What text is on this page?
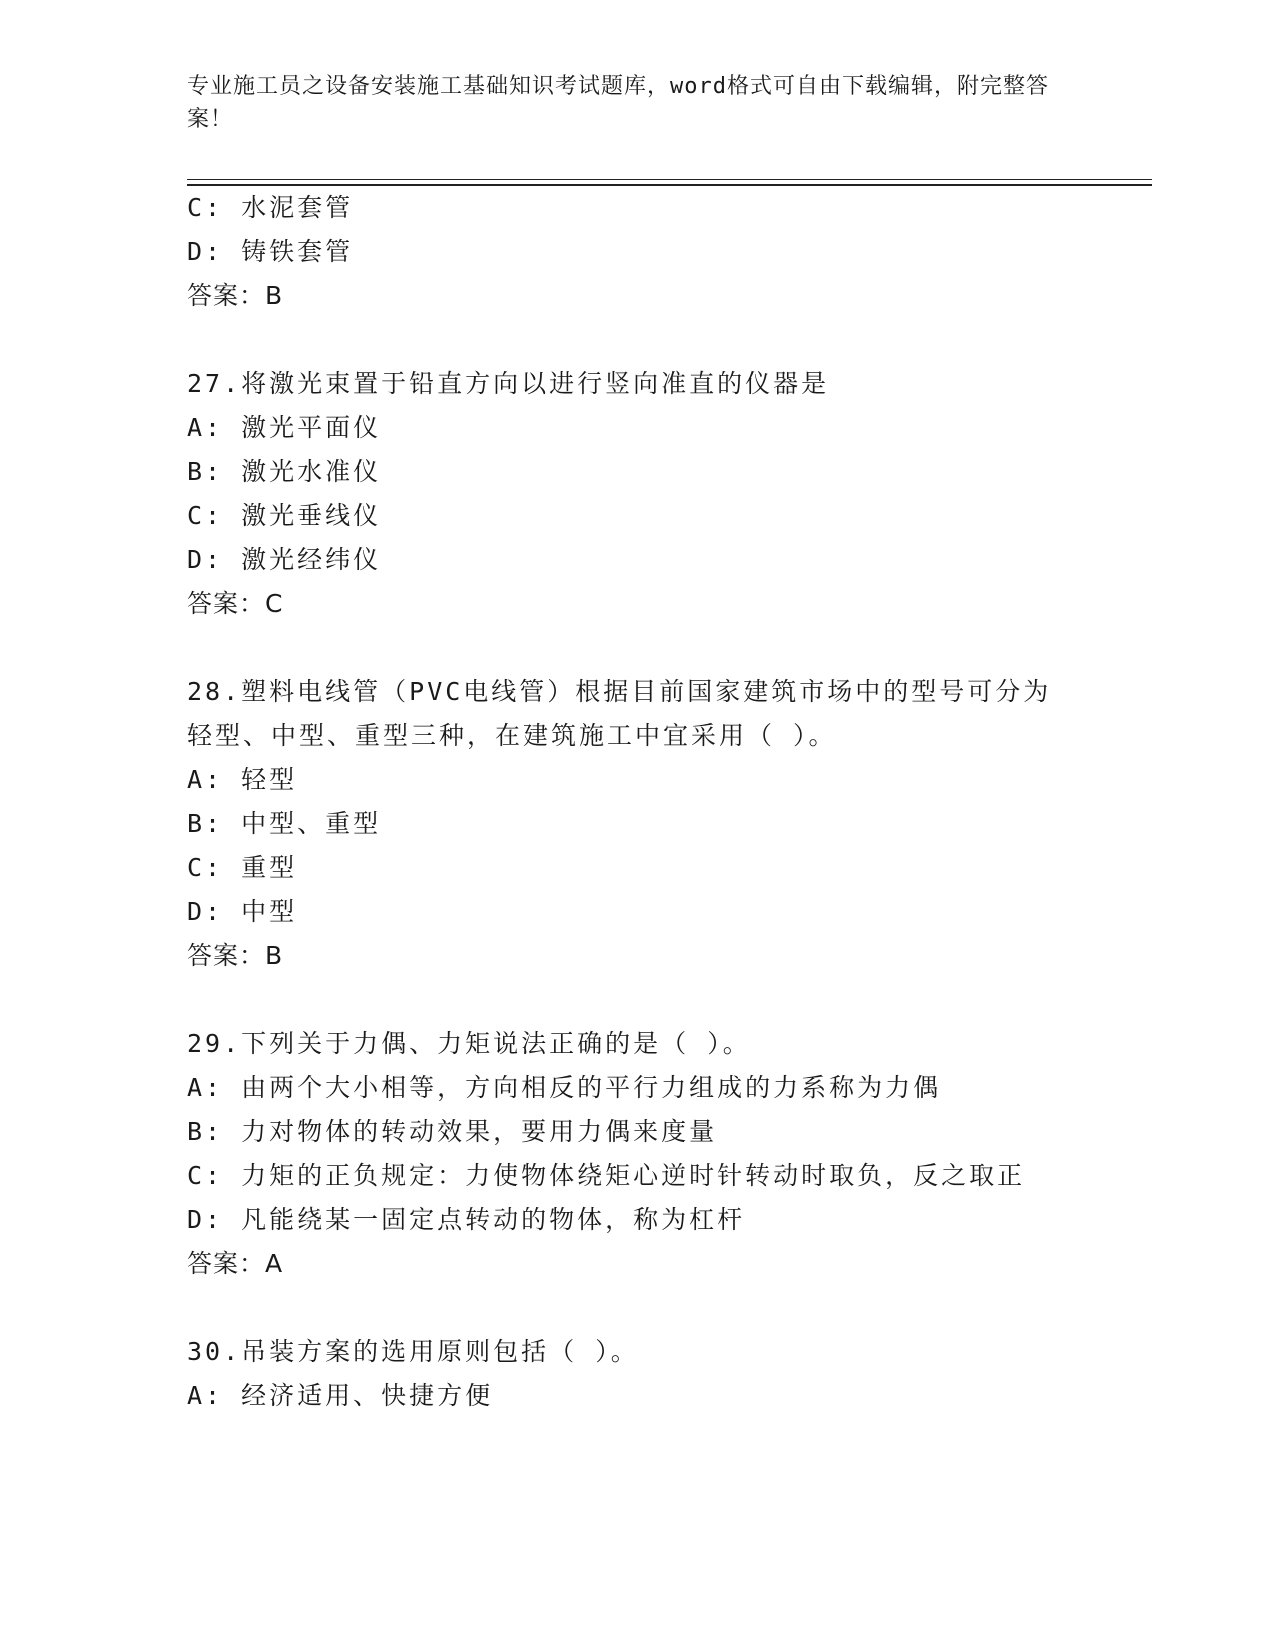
专业施工员之设备安装施工基础知识考试题库，word格式可自由下载编辑，附完整答案！
C: 水泥套管
D: 铸铁套管
答案：B
27.将激光束置于铅直方向以进行竖向准直的仪器是
A: 激光平面仪
B: 激光水准仪
C: 激光垂线仪
D: 激光经纬仪
答案：C
28.塑料电线管（PVC电线管）根据目前国家建筑市场中的型号可分为
轻型、中型、重型三种，在建筑施工中宜采用（ ）。
A: 轻型
B: 中型、重型
C: 重型
D: 中型
答案：B
29.下列关于力偶、力矩说法正确的是（ ）。
A: 由两个大小相等，方向相反的平行力组成的力系称为力偶
B: 力对物体的转动效果，要用力偶来度量
C: 力矩的正负规定：力使物体绕矩心逆时针转动时取负，反之取正
D: 凡能绕某一固定点转动的物体，称为杠杆
答案：A
30.吊装方案的选用原则包括（ ）。
A: 经济适用、快捷方便
